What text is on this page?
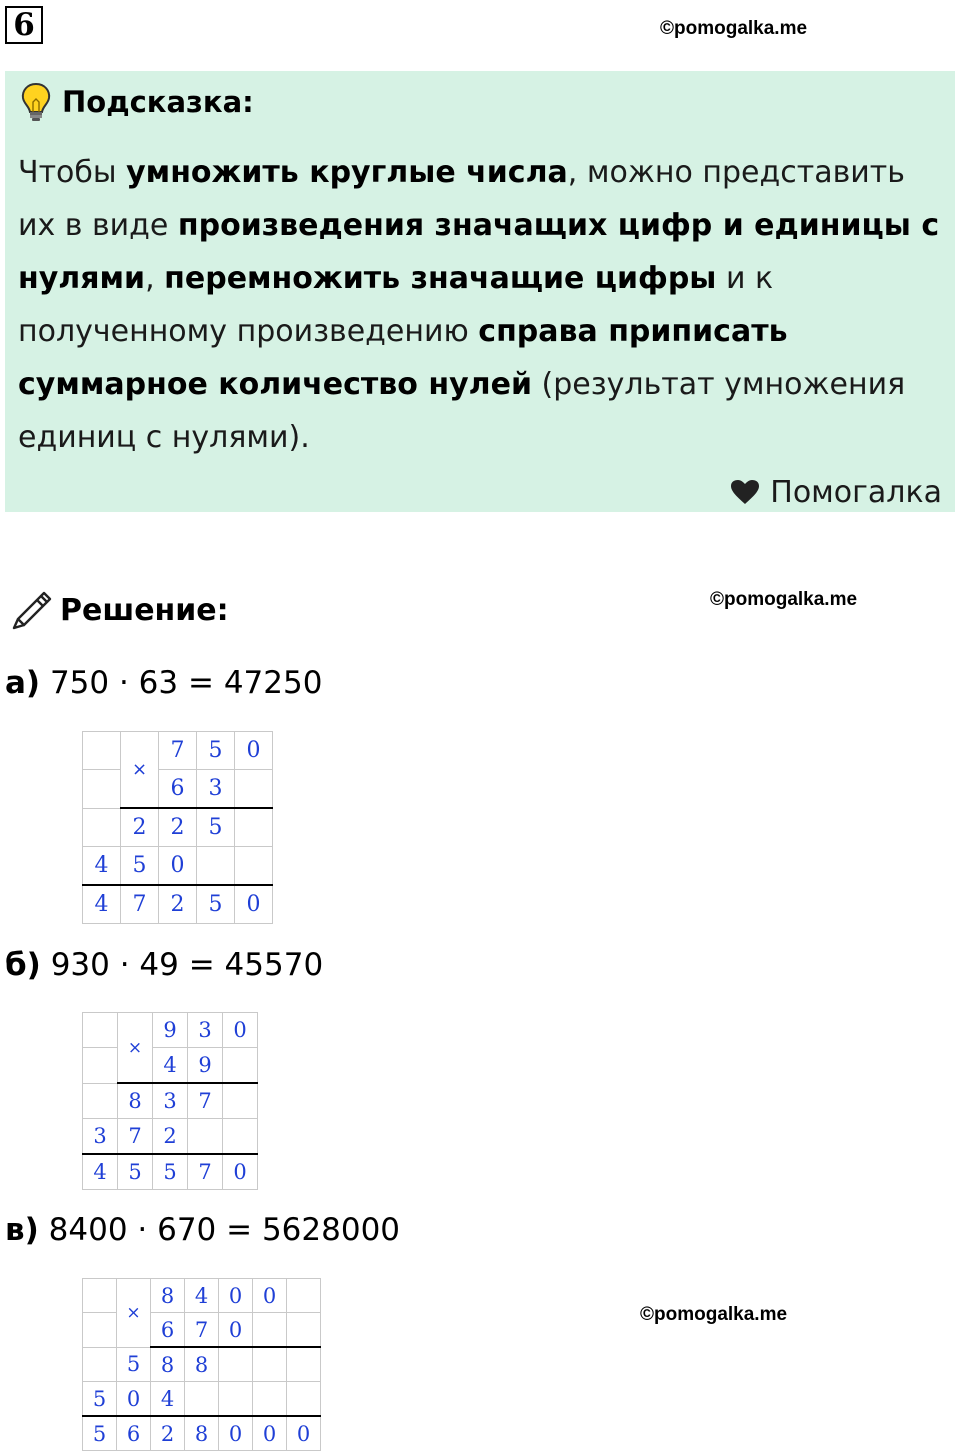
6	©pomogalka.me
Подсказка:
Чтобы умножить круглые числа, можно представить их в виде произведения значащих цифр и единицы с нулями, перемножить значащие цифры и к полученному произведению справа приписать суммарное количество нулей (результат умножения единиц с нулями).
Помогалка
Решение:	©pomogalka.me
а) 750 · 63 = 47250
	×	7	5	0
		6	3	
	2	2	5	
4	5	0		
4	7	2	5	0
б) 930 · 49 = 45570
	×	9	3	0
		4	9	
	8	3	7	
3	7	2		
4	5	5	7	0
в) 8400 · 670 = 5628000
	×	8	4	0	0	
		6	7	0		
	5	8	8			
5	0	4				
5	6	2	8	0	0	0
©pomogalka.me
